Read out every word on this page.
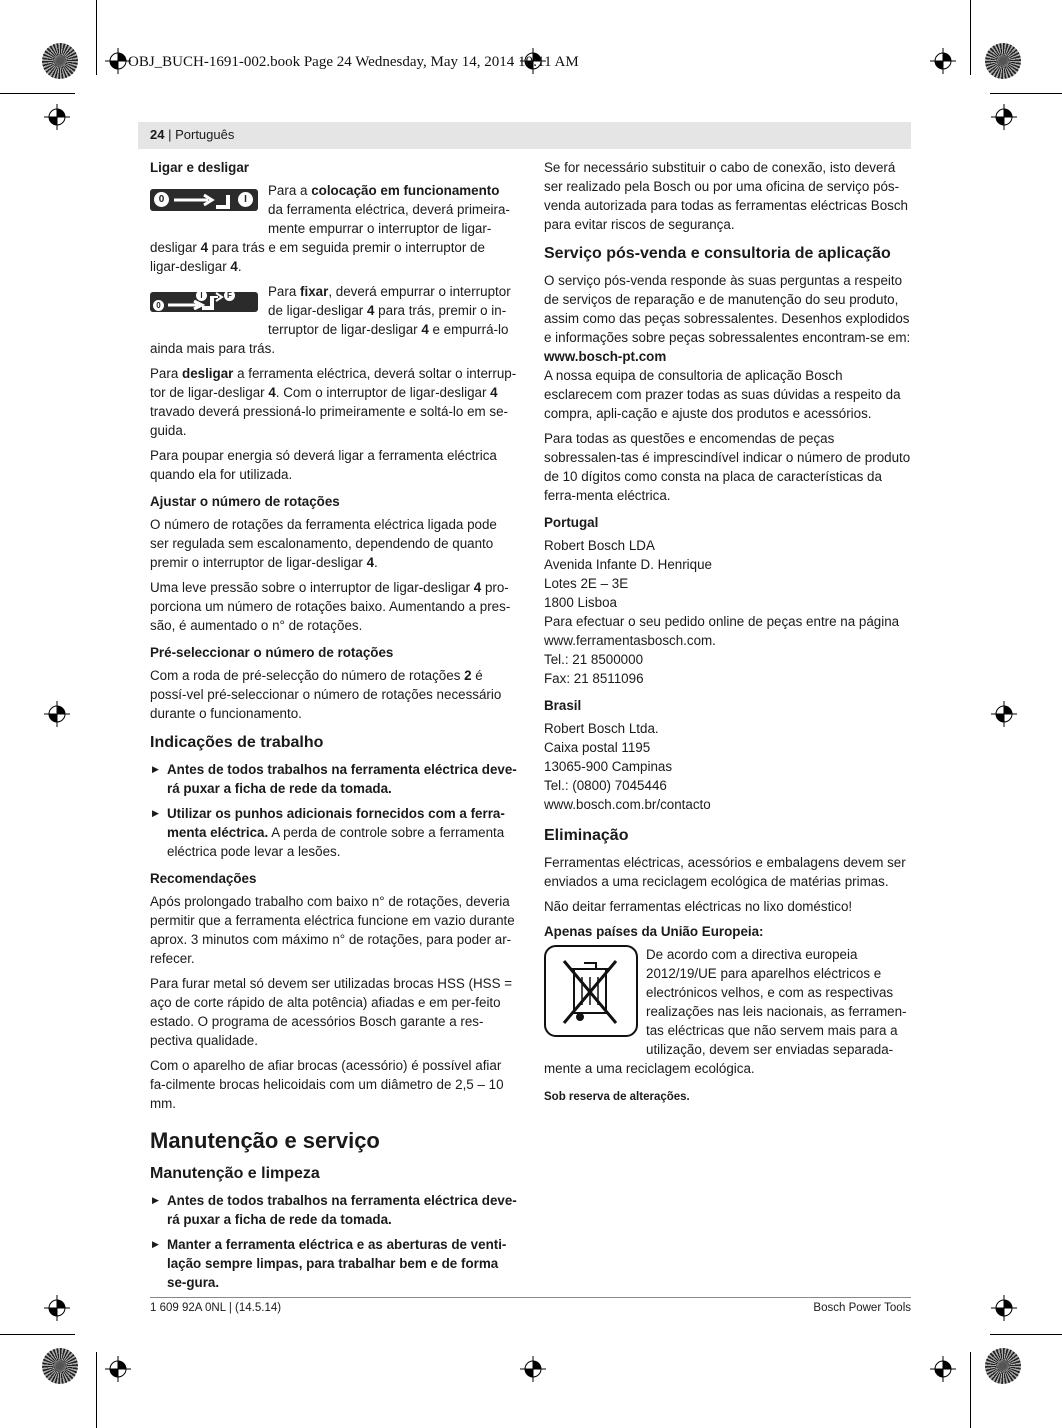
OBJ_BUCH-1691-002.book Page 24 Wednesday, May 14, 2014 10:11 AM
24 | Português
Ligar e desligar
0	I

Para a colocação em funcionamento da ferramenta eléctrica, deverá primeira-mente empurrar o interruptor de ligar-desligar 4 para trás e em seguida premir o interruptor de ligar-desligar 4.

0
I	F	Para fixar, deverá empurrar o interruptor de ligar-desligar 4 para trás, premir o in-terruptor de ligar-desligar 4 e empurrá-lo ainda mais para trás.

Para desligar a ferramenta eléctrica, deverá soltar o interrup-tor de ligar-desligar 4. Com o interruptor de ligar-desligar 4 travado deverá pressioná-lo primeiramente e soltá-lo em se-guida.

Para poupar energia só deverá ligar a ferramenta eléctrica quando ela for utilizada.

Ajustar o número de rotações

O número de rotações da ferramenta eléctrica ligada pode ser regulada sem escalonamento, dependendo de quanto premir o interruptor de ligar-desligar 4.

Uma leve pressão sobre o interruptor de ligar-desligar 4 pro-porciona um número de rotações baixo. Aumentando a pres-são, é aumentado o n° de rotações.

Pré-seleccionar o número de rotações

Com a roda de pré-selecção do número de rotações 2 é possí-vel pré-seleccionar o número de rotações necessário durante o funcionamento.

Indicações de trabalho
▶ Antes de todos trabalhos na ferramenta eléctrica deve-rá puxar a ficha de rede da tomada.
▶ Utilizar os punhos adicionais fornecidos com a ferra-menta eléctrica. A perda de controle sobre a ferramenta eléctrica pode levar a lesões.
Recomendações

Após prolongado trabalho com baixo n° de rotações, deveria permitir que a ferramenta eléctrica funcione em vazio durante aprox. 3 minutos com máximo n° de rotações, para poder ar-refecer.

Para furar metal só devem ser utilizadas brocas HSS (HSS = aço de corte rápido de alta potência) afiadas e em per-feito estado. O programa de acessórios Bosch garante a res-pectiva qualidade.

Com o aparelho de afiar brocas (acessório) é possível afiar fa-cilmente brocas helicoidais com um diâmetro de 2,5 – 10 mm.

Manutenção e serviço
Manutenção e limpeza
▶ Antes de todos trabalhos na ferramenta eléctrica deve-rá puxar a ficha de rede da tomada.
▶ Manter a ferramenta eléctrica e as aberturas de venti-lação sempre limpas, para trabalhar bem e de forma se-gura.

Se for necessário substituir o cabo de conexão, isto deverá ser realizado pela Bosch ou por uma oficina de serviço pós-venda autorizada para todas as ferramentas eléctricas Bosch para evitar riscos de segurança.

Serviço pós-venda e consultoria de aplicação

O serviço pós-venda responde às suas perguntas a respeito de serviços de reparação e de manutenção do seu produto, assim como das peças sobressalentes. Desenhos explodidos e informações sobre peças sobressalentes encontram-se em:

www.bosch-pt.com

A nossa equipa de consultoria de aplicação Bosch esclarecem com prazer todas as suas dúvidas a respeito da compra, apli-cação e ajuste dos produtos e acessórios.

Para todas as questões e encomendas de peças sobressalen-tas é imprescindível indicar o número de produto de 10 dígitos como consta na placa de características da ferra-menta eléctrica.

Portugal

Robert Bosch LDA

Avenida Infante D. Henrique

Lotes 2E – 3E

1800 Lisboa

Para efectuar o seu pedido online de peças entre na página www.ferramentasbosch.com.

Tel.: 21 8500000

Fax: 21 8511096

Brasil

Robert Bosch Ltda.

Caixa postal 1195

13065-900 Campinas

Tel.: (0800) 7045446

www.bosch.com.br/contacto

Eliminação

Ferramentas eléctricas, acessórios e embalagens devem ser enviados a uma reciclagem ecológica de matérias primas.

Não deitar ferramentas eléctricas no lixo doméstico!

Apenas países da União Europeia:

De acordo com a directiva europeia 2012/19/UE para aparelhos eléctricos e electrónicos velhos, e com as respectivas realizações nas leis nacionais, as ferramen-tas eléctricas que não servem mais para a utilização, devem ser enviadas separada-mente a uma reciclagem ecológica.

Sob reserva de alterações.
1 609 92A 0NL | (14.5.14)	Bosch Power Tools
